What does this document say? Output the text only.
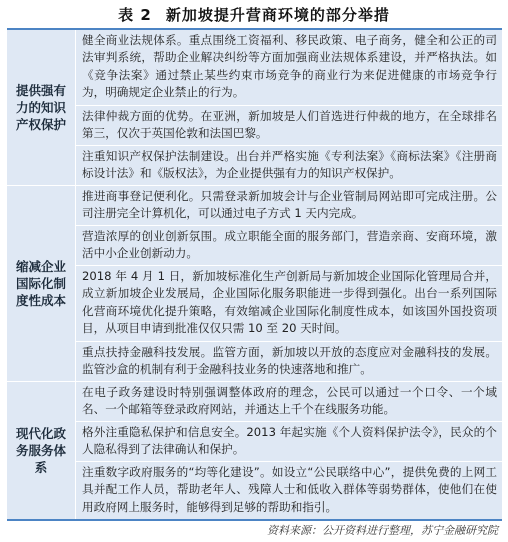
表 2 新加坡提升营商环境的部分举措
提供强有力的知识产权保护
健全商业法规体系。重点围绕工资福利、移民政策、电子商务，健全和公正的司法审判系统，帮助企业解决纠纷等方面加强商业法规体系建设，并严格执法。如《竞争法案》通过禁止某些约束市场竞争的商业行为来促进健康的市场竞争行为，明确规定企业禁止的行为。
法律仲裁方面的优势。在亚洲，新加坡是人们首选进行仲裁的地方，在全球排名第三，仅次于英国伦敦和法国巴黎。
注重知识产权保护法制建设。出台并严格实施《专利法案》《商标法案》《注册商标设计法》和《版权法》，为企业提供强有力的知识产权保护。
缩减企业国际化制度性成本
推进商事登记便利化。只需登录新加坡会计与企业管制局网站即可完成注册。公司注册完全计算机化，可以通过电子方式 1 天内完成。
营造浓厚的创业创新氛围。成立职能全面的服务部门，营造亲商、安商环境，激活中小企业创新动力。
2018 年 4 月 1 日，新加坡标准化生产创新局与新加坡企业国际化管理局合并，成立新加坡企业发展局，企业国际化服务职能进一步得到强化。出台一系列国际化营商环境优化提升策略，有效缩减企业国际化制度性成本，如该国外国投资项目，从项目申请到批准仅仅只需 10 至 20 天时间。
重点扶持金融科技发展。监管方面，新加坡以开放的态度应对金融科技的发展。监管沙盒的机制有利于金融科技业务的快速落地和推广。
现代化政务服务体系
在电子政务建设时特别强调整体政府的理念，公民可以通过一个口令、一个域名、一个邮箱等登录政府网站，并通达上千个在线服务功能。
格外注重隐私保护和信息安全。2013 年起实施《个人资料保护法令》，民众的个人隐私得到了法律确认和保护。
注重数字政府服务的“均等化建设”。如设立“公民联络中心”，提供免费的上网工具并配工作人员，帮助老年人、残障人士和低收入群体等弱势群体，使他们在使用政府网上服务时，能够得到足够的帮助和指引。
资料来源：公开资料进行整理，苏宁金融研究院
